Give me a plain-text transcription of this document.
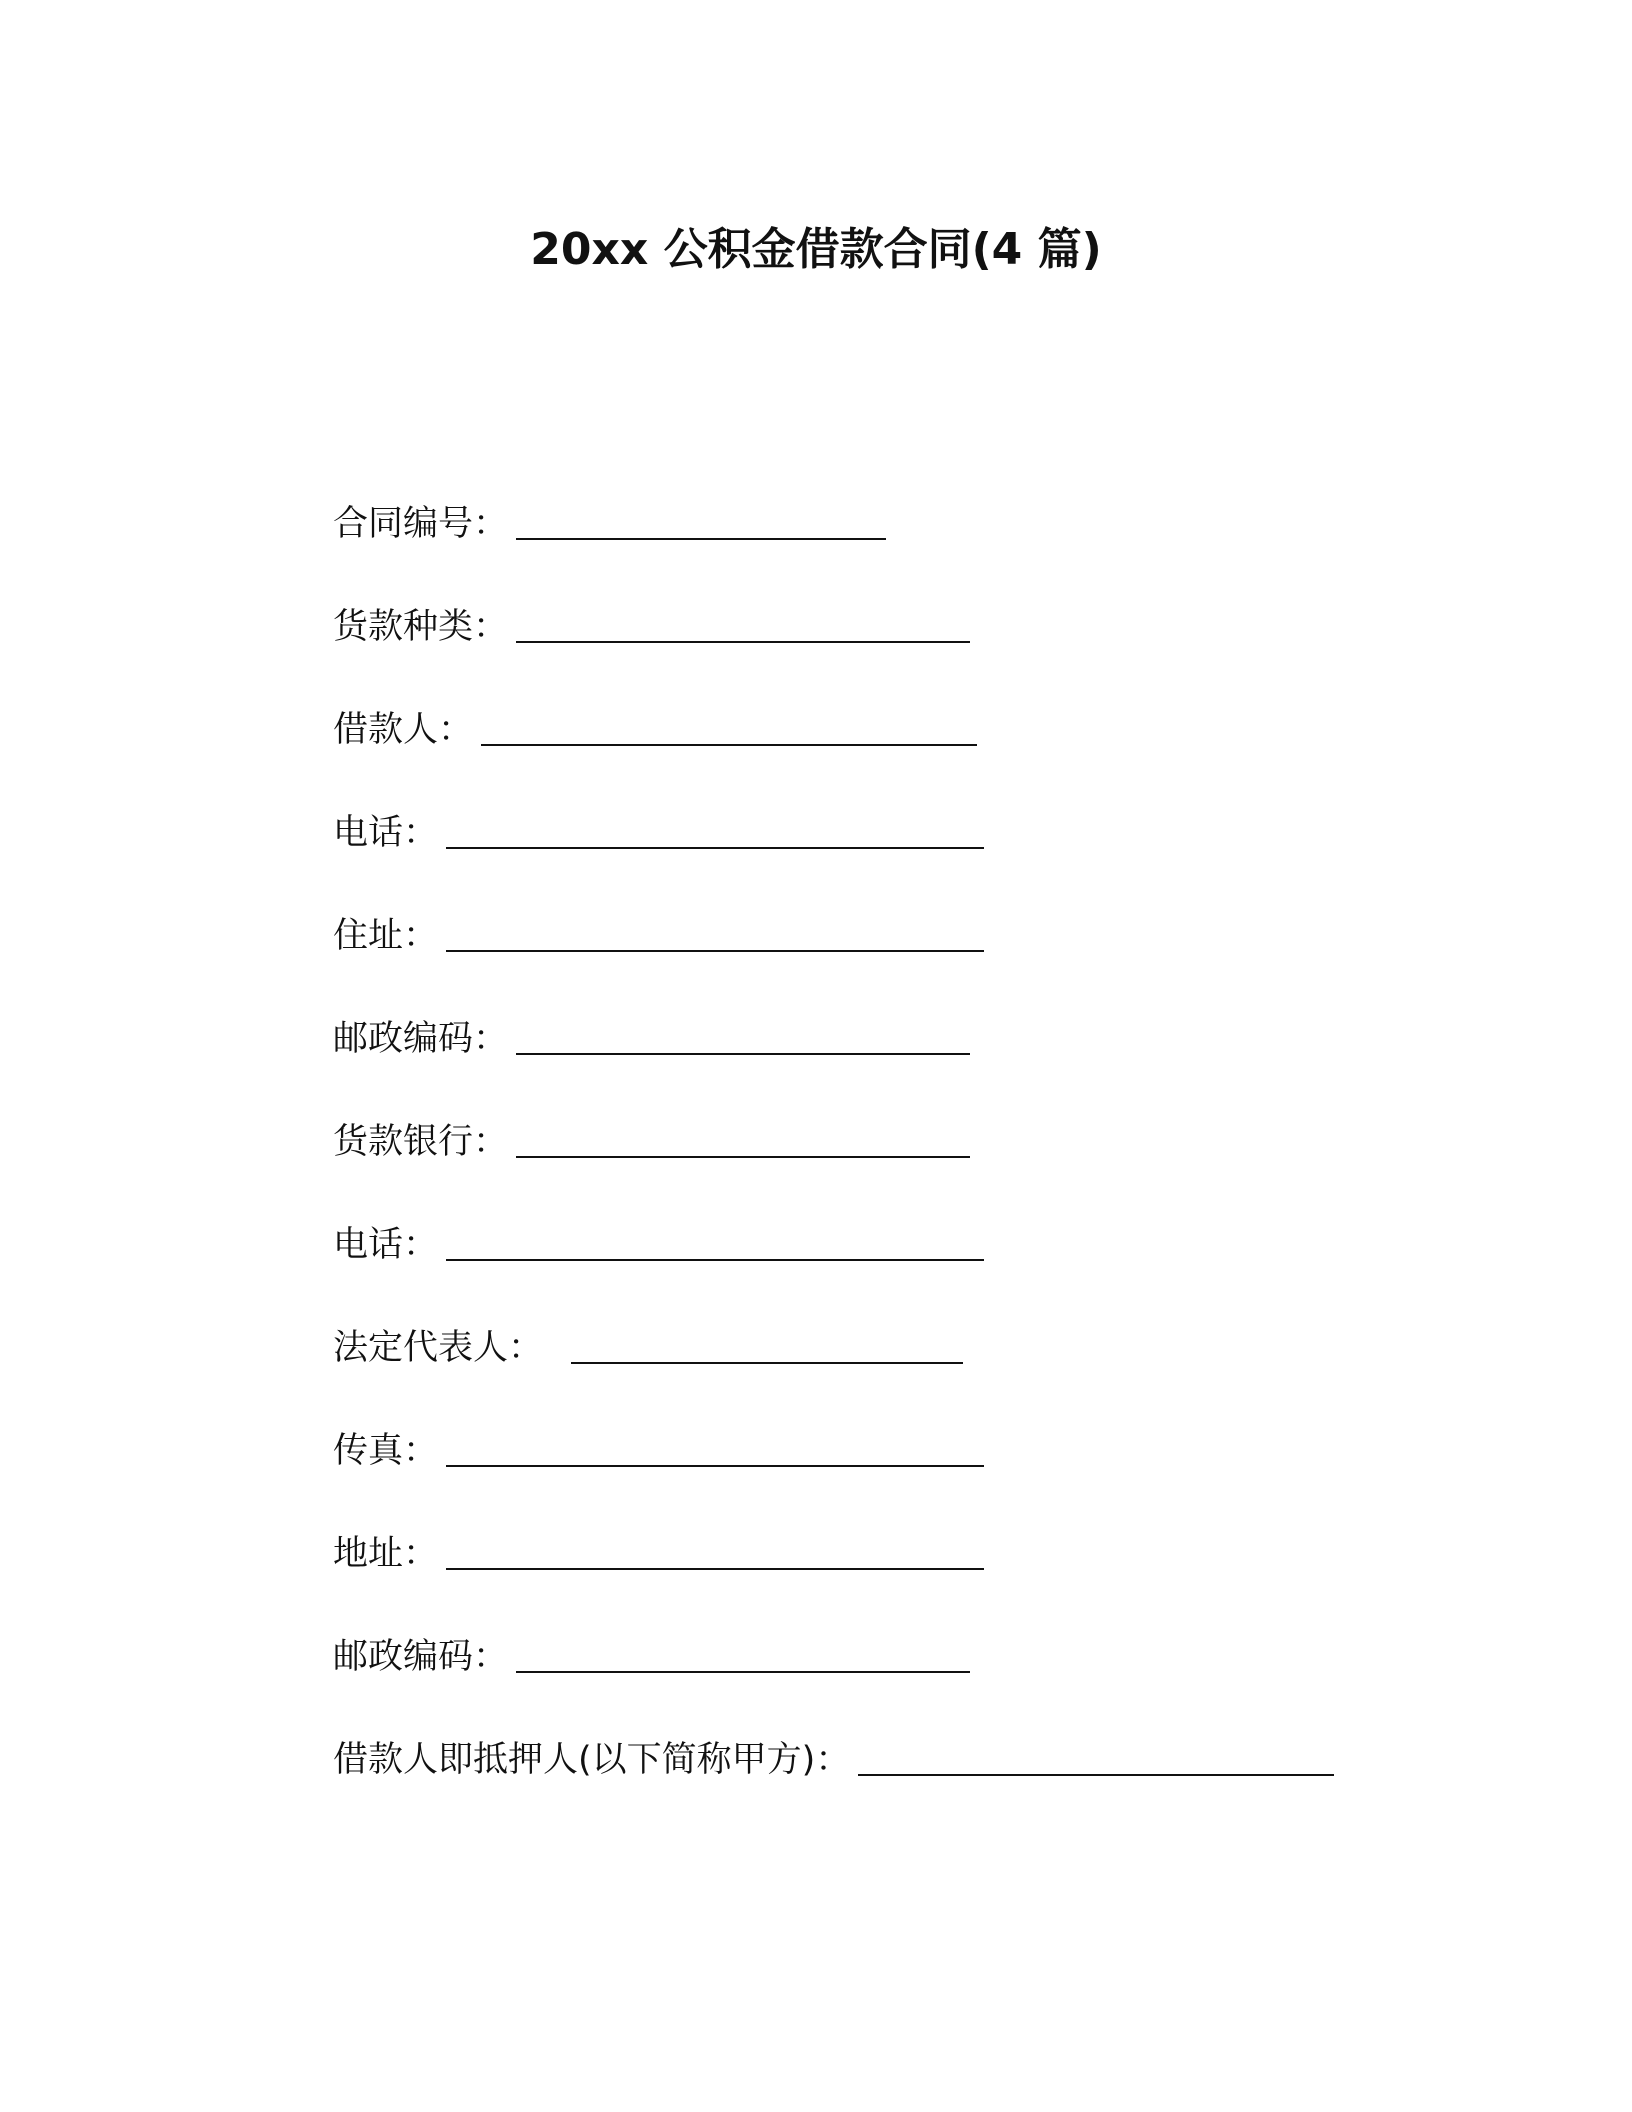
20xx 公积金借款合同(4 篇)
合同编号 ：
货款种类 ：
借款人 ：
电话 ：
住址 ：
邮政编码 ：
货款银行 ：
电话 ：
法定代表人 ：
传真 ：
地址 ：
邮政编码 ：
借款人即抵押人(以下简称甲方) ：
